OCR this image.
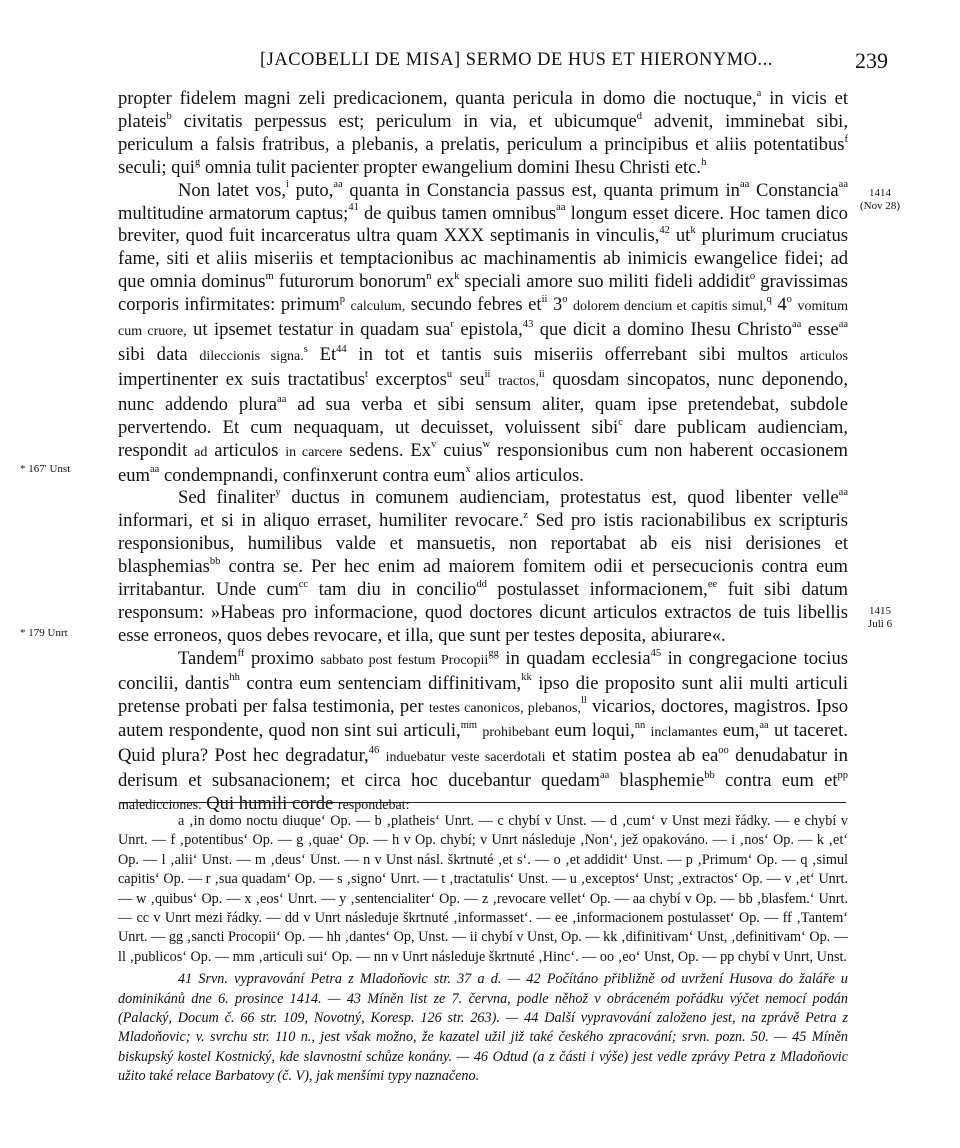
[JACOBELLI DE MISA] SERMO DE HUS ET HIERONYMO...	239
* 167' Unst
* 179 Unrt
1414
(Nov 28)
1415
Juli 6

propter fidelem magni zeli predicacionem, quanta pericula in domo die noctuque,$^a$ in vicis et plateis$^b$ civitatis perpessus est; periculum in via, et ubicumque$^d$ advenit, imminebat sibi, periculum a falsis fratribus, a plebanis, a prelatis, periculum a principibus et aliis potentatibus$^f$ seculi; qui$^g$ omnia tulit pacienter propter ewangelium domini Ihesu Christi etc.$^h$

Non latet vos,$^i$ puto,$^{aa}$ quanta in Constancia passus est, quanta primum $in^{aa}$ Constancia$^{aa}$ multitudine armatorum captus;$^{41}$ de quibus tamen omnibus$^{aa}$ longum esset dicere. Hoc tamen dico breviter, quod fuit incarceratus ultra quam XXX septimanis in vinculis,$^{42}$ $ut^k$ plurimum cruciatus fame, siti et aliis miseriis et temptacionibus ac machinamentis ab inimicis ewangelice fidei; ad que omnia dominus$^m$ futurorum bonorum$^n$ $ex^k$ speciali amore suo militi fideli addidit$^o$ gravissimas corporis infirmitates: primum$^p$ calculum, secundo febres $et^{ii}$ 3$^o$ dolorem dencium et capitis simul,$^q$ 4$^o$ vomitum cum cruore, ut ipsemet testatur in quadam sua$^r$ epistola,$^{43}$ que dicit a domino Ihesu Christo$^{aa}$ esse$^{aa}$ sibi data dileccionis signa.$^s$ Et$^{44}$ in tot et tantis suis miseriis offerrebant sibi multos articulos impertinenter ex suis tractatibus$^t$ excerptos$^u$ seu$^{ii}$ tractos,$^{ii}$ quosdam sincopatos, nunc deponendo, nunc addendo plura$^{aa}$ ad sua verba et sibi sensum aliter, quam ipse pretendebat, subdole pervertendo. Et cum nequaquam, ut decuisset, voluissent sibi$^c$ dare publicam audienciam, respondit ad articulos in carcere sedens. Ex$^v$ cuius$^w$ responsionibus cum non haberent occasionem eum$^{aa}$ condempnandi, confinxerunt contra eum$^x$ alios articulos.

Sed finaliter$^y$ ductus in comunem audienciam, protestatus est, quod libenter velle$^{aa}$ informari, et si in aliquo erraset, humiliter revocare.$^z$ Sed pro istis racionabilibus ex scripturis responsionibus, humilibus valde et mansuetis, non reportabat ab eis nisi derisiones et blasphemias$^{bb}$ contra se. Per hec enim ad maiorem fomitem odii et persecucionis contra eum irritabantur. Unde cum$^{cc}$ tam diu in concilio$^{dd}$ postulasset informacionem,$^{ee}$ fuit sibi datum responsum: »Habeas pro informacione, quod doctores dicunt articulos extractos de tuis libellis esse erroneos, quos debes revocare, et illa, que sunt per testes deposita, abiurare«.

Tandem$^{ff}$ proximo sabbato post festum Procopii$^{gg}$ in quadam ecclesia$^{45}$ in congregacione tocius concilii, dantis$^{hh}$ contra eum sentenciam diffinitivam,$^{kk}$ ipso die proposito sunt alii multi articuli pretense probati per falsa testimonia, per testes canonicos, plebanos,$^{ll}$ vicarios, doctores, magistros. Ipso autem respondente, quod non sint sui articuli,$^{mm}$ prohibebant eum loqui,$^{nn}$ inclamantes eum,$^{aa}$ ut taceret. Quid plura? Post hec degradatur,$^{46}$ induebatur veste sacerdotali et statim postea ab $ea^{oo}$ denudabatur in derisum et subsanacionem; et circa hoc ducebantur quedam$^{aa}$ blasphemie$^{bb}$ contra eum $et^{pp}$ maledicciones. Qui humili corde respondebat:

a ‚in domo noctu diuque‘ Op. — b ‚platheis‘ Unrt. — c chybí v Unst. — d ‚cum‘ v Unst mezi řádky. — e chybí v Unrt. — f ‚potentibus‘ Op. — g ‚quae‘ Op. — h v Op. chybí; v Unrt následuje ‚Non‘, jež opakováno. — i ‚nos‘ Op. — k ‚et‘ Op. — l ‚alii‘ Unst. — m ‚deus‘ Unst. — n v Unst násl. škrtnuté ‚et s‘. — o ‚et addidit‘ Unst. — p ‚Primum‘ Op. — q ‚simul capitis‘ Op. — r ‚sua quadam‘ Op. — s ‚signo‘ Unrt. — t ‚tractatulis‘ Unst. — u ‚exceptos‘ Unst; ‚extractos‘ Op. — v ‚et‘ Unrt. — w ‚quibus‘ Op. — x ‚eos‘ Unrt. — y ‚sentencialiter‘ Op. — z ‚revocare vellet‘ Op. — aa chybí v Op. — bb ‚blasfem.‘ Unrt. — cc v Unrt mezi řádky. — dd v Unrt následuje škrtnuté ‚informasset‘. — ee ‚informacionem postulasset‘ Op. — ff ‚Tantem‘ Unrt. — gg ‚sancti Procopii‘ Op. — hh ‚dantes‘ Op, Unst. — ii chybí v Unst, Op. — kk ‚difinitivam‘ Unst, ‚definitivam‘ Op. — ll ‚publicos‘ Op. — mm ‚articuli sui‘ Op. — nn v Unrt následuje škrtnuté ‚Hinc‘. — oo ‚eo‘ Unst, Op. — pp chybí v Unrt, Unst.

41 Srvn. vypravování Petra z Mladoňovic str. 37 a d. — 42 Počítáno přibližně od uvržení Husova do žaláře u dominikánů dne 6. prosince 1414. — 43 Míněn list ze 7. června, podle něhož v obráceném pořádku výčet nemocí podán (Palacký, Docum č. 66 str. 109, Novotný, Koresp. 126 str. 263). — 44 Další vypravování založeno jest, na zprávě Petra z Mladoňovic; v. svrchu str. 110 n., jest však možno, že kazatel užil již také českého zpracování; srvn. pozn. 50. — 45 Míněn biskupský kostel Kostnický, kde slavnostní schůze konány. — 46 Odtud (a z části i výše) jest vedle zprávy Petra z Mladoňovic užito také relace Barbatovy (č. V), jak menšími typy naznačeno.
